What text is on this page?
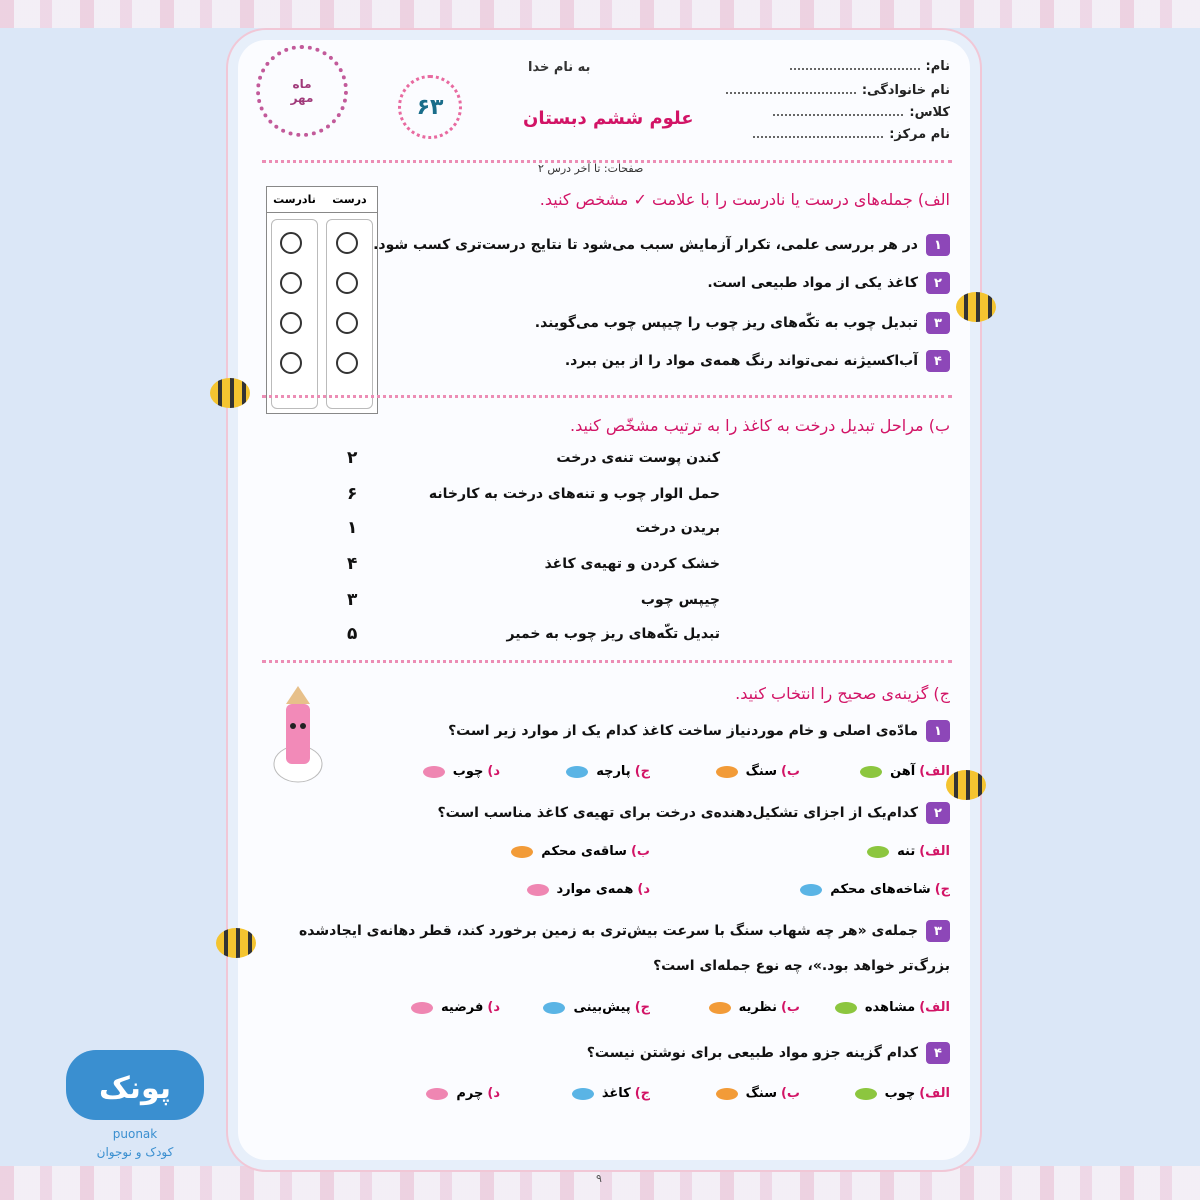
نام:
نام خانوادگی:
کلاس:
نام مرکز:
به نام خدا
علوم ششم دبستان
۶۳
ماه
مهر
صفحات: تا آخر درس ۲
الف) جمله‌های درست یا نادرست را با علامت ✓ مشخص کنید.
نادرست	درست
۱
در هر بررسی علمی، تکرار آزمایش سبب می‌شود تا نتایج درست‌تری کسب شود.
۲
کاغذ یکی از مواد طبیعی است.
۳
تبدیل چوب به تکّه‌های ریز چوب را چیپس چوب می‌گویند.
۴
آب‌اکسیژنه نمی‌تواند رنگ همه‌ی مواد را از بین ببرد.
ب) مراحل تبدیل درخت به کاغذ را به ترتیب مشخّص کنید.
کندن پوست تنه‌ی درخت
۲
حمل الوار چوب و تنه‌های درخت به کارخانه
۶
بریدن درخت
۱
خشک کردن و تهیه‌ی کاغذ
۴
چیپس چوب
۳
تبدیل تکّه‌های ریز چوب به خمیر
۵
ج) گزینه‌ی صحیح را انتخاب کنید.
۱
مادّه‌ی اصلی و خام موردنیاز ساخت کاغذ کدام یک از موارد زیر است؟
الف)
آهن
ب)
سنگ
ج)
پارچه
د)
چوب
۲
کدام‌یک از اجزای تشکیل‌دهنده‌ی درخت برای تهیه‌ی کاغذ مناسب است؟
الف)
تنه
ب)
ساقه‌ی محکم
ج)
شاخه‌های محکم
د)
همه‌ی موارد
۳
جمله‌ی «هر چه شهاب سنگ با سرعت بیش‌تری به زمین برخورد کند، قطر دهانه‌ی ایجادشده
بزرگ‌تر خواهد بود.»، چه نوع جمله‌ای است؟
الف)
مشاهده
ب)
نظریه
ج)
پیش‌بینی
د)
فرضیه
۴
کدام گزینه جزو مواد طبیعی برای نوشتن نیست؟
الف)
چوب
ب)
سنگ
ج)
کاغذ
د)
چرم
پونک
puonak
کودک و نوجوان
۹
